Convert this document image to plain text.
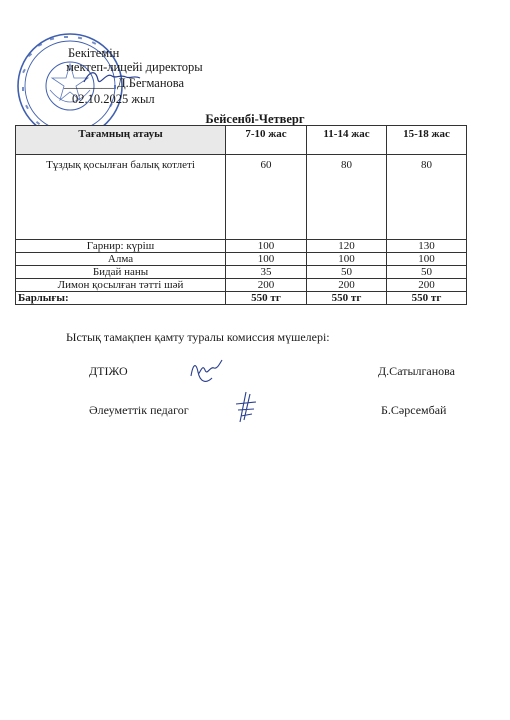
Бекітемін
мектеп-лицейі директоры
________ Д.Бегманова
02.10.2025 жыл
Бейсенбі-Четверг
Тағамның атауы	7-10 жас	11-14 жас	15-18 жас
Тұздық қосылған балық котлеті	60	80	80
Гарнир: күріш	100	120	130
Алма	100	100	100
Бидай наны	35	50	50
Лимон қосылған тәтті шәй	200	200	200
Барлығы:	550 тг	550 тг	550 тг
Ыстық тамақпен қамту туралы комиссия мүшелері:
ДТІЖО	Д.Сатылганова
Әлеуметтік педагог	Б.Сәрсембай
